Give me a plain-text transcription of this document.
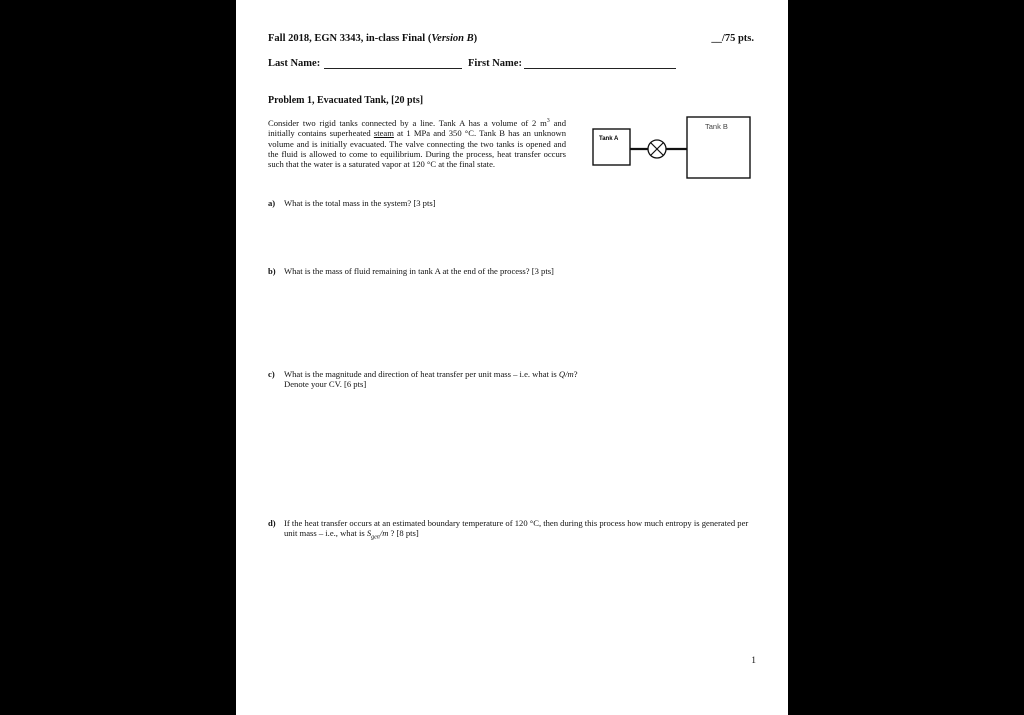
Fall 2018, EGN 3343, in-class Final (Version B)	__/75 pts.
Last Name:	First Name:
Problem 1, Evacuated Tank, [20 pts]
Consider two rigid tanks connected by a line. Tank A has a volume of 2 $m^3$ and initially contains superheated steam at 1 MPa and 350 °C. Tank B has an unknown volume and is initially evacuated. The valve connecting the two tanks is opened and the fluid is allowed to come to equilibrium. During the process, heat transfer occurs such that the water is a saturated vapor at 120 °C at the final state.
Tank A
Tank B
a) What is the total mass in the system? [3 pts]
b) What is the mass of fluid remaining in tank A at the end of the process? [3 pts]
c) What is the magnitude and direction of heat transfer per unit mass – i.e. what is Q/m?
Denote your CV. [6 pts]
d) If the heat transfer occurs at an estimated boundary temperature of 120 °C, then during this process how much entropy is generated per unit mass – i.e., what is $S_{gen}/m$ ? [8 pts]
1
